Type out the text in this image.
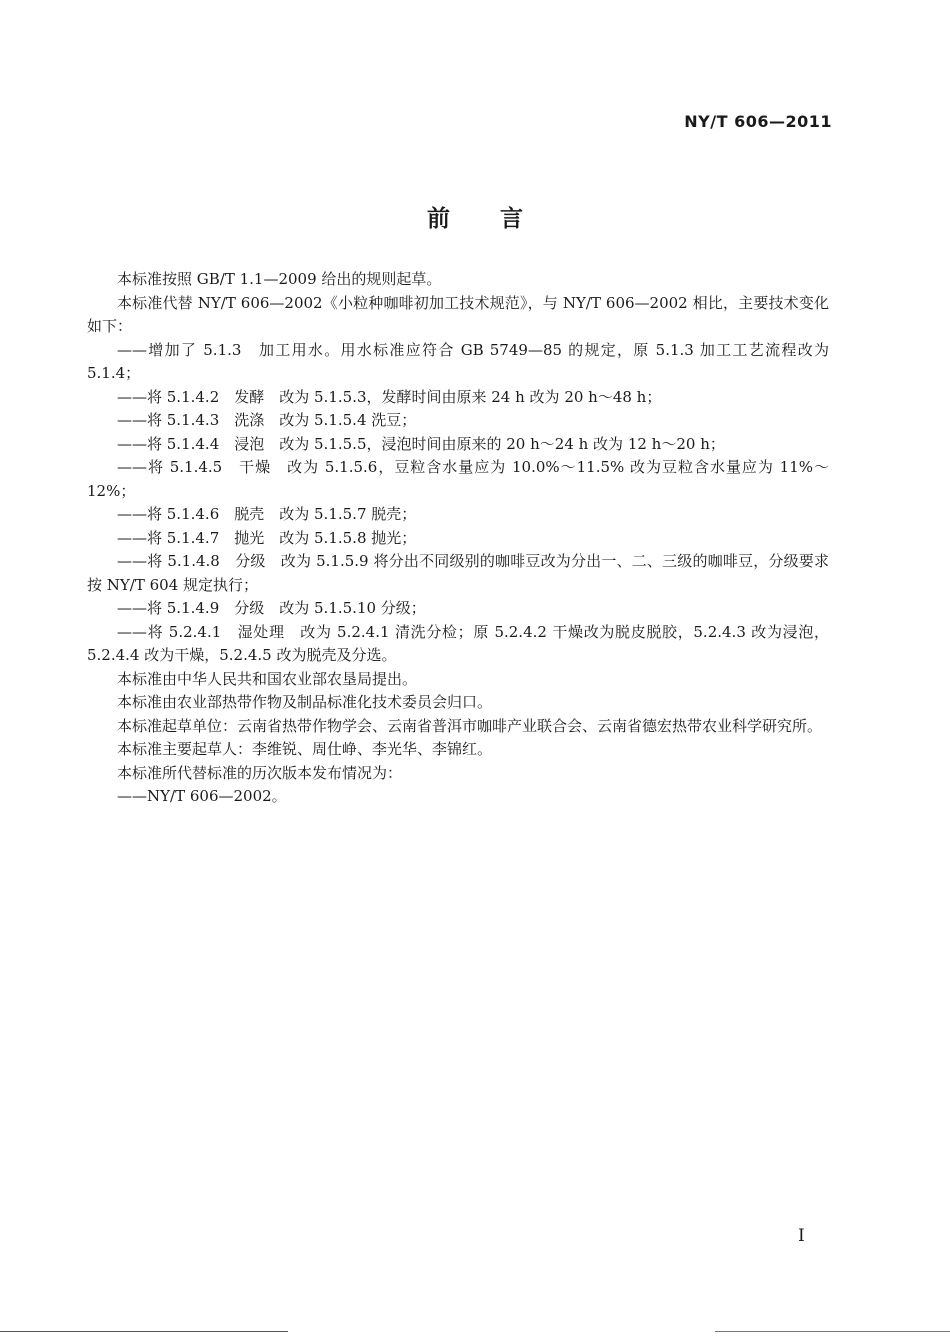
NY/T 606—2011
前言

本标准按照 GB/T 1.1—2009 给出的规则起草。

本标准代替 NY/T 606—2002《小粒种咖啡初加工技术规范》，与 NY/T 606—2002 相比，主要技术变化如下：

——增加了 5.1.3　加工用水。用水标准应符合 GB 5749—85 的规定，原 5.1.3 加工工艺流程改为 5.1.4；

——将 5.1.4.2　发酵　改为 5.1.5.3，发酵时间由原来 24 h 改为 20 h～48 h；

——将 5.1.4.3　洗涤　改为 5.1.5.4 洗豆；

——将 5.1.4.4　浸泡　改为 5.1.5.5，浸泡时间由原来的 20 h～24 h 改为 12 h～20 h；

——将 5.1.4.5　干燥　改为 5.1.5.6，豆粒含水量应为 10.0%～11.5% 改为豆粒含水量应为 11%～12%；

——将 5.1.4.6　脱壳　改为 5.1.5.7 脱壳；

——将 5.1.4.7　抛光　改为 5.1.5.8 抛光；

——将 5.1.4.8　分级　改为 5.1.5.9 将分出不同级别的咖啡豆改为分出一、二、三级的咖啡豆，分级要求按 NY/T 604 规定执行；

——将 5.1.4.9　分级　改为 5.1.5.10 分级；

——将 5.2.4.1　湿处理　改为 5.2.4.1 清洗分检；原 5.2.4.2 干燥改为脱皮脱胶，5.2.4.3 改为浸泡，5.2.4.4 改为干燥，5.2.4.5 改为脱壳及分选。

本标准由中华人民共和国农业部农垦局提出。

本标准由农业部热带作物及制品标准化技术委员会归口。

本标准起草单位：云南省热带作物学会、云南省普洱市咖啡产业联合会、云南省德宏热带农业科学研究所。

本标准主要起草人：李维锐、周仕峥、李光华、李锦红。

本标准所代替标准的历次版本发布情况为：

——NY/T 606—2002。

I
